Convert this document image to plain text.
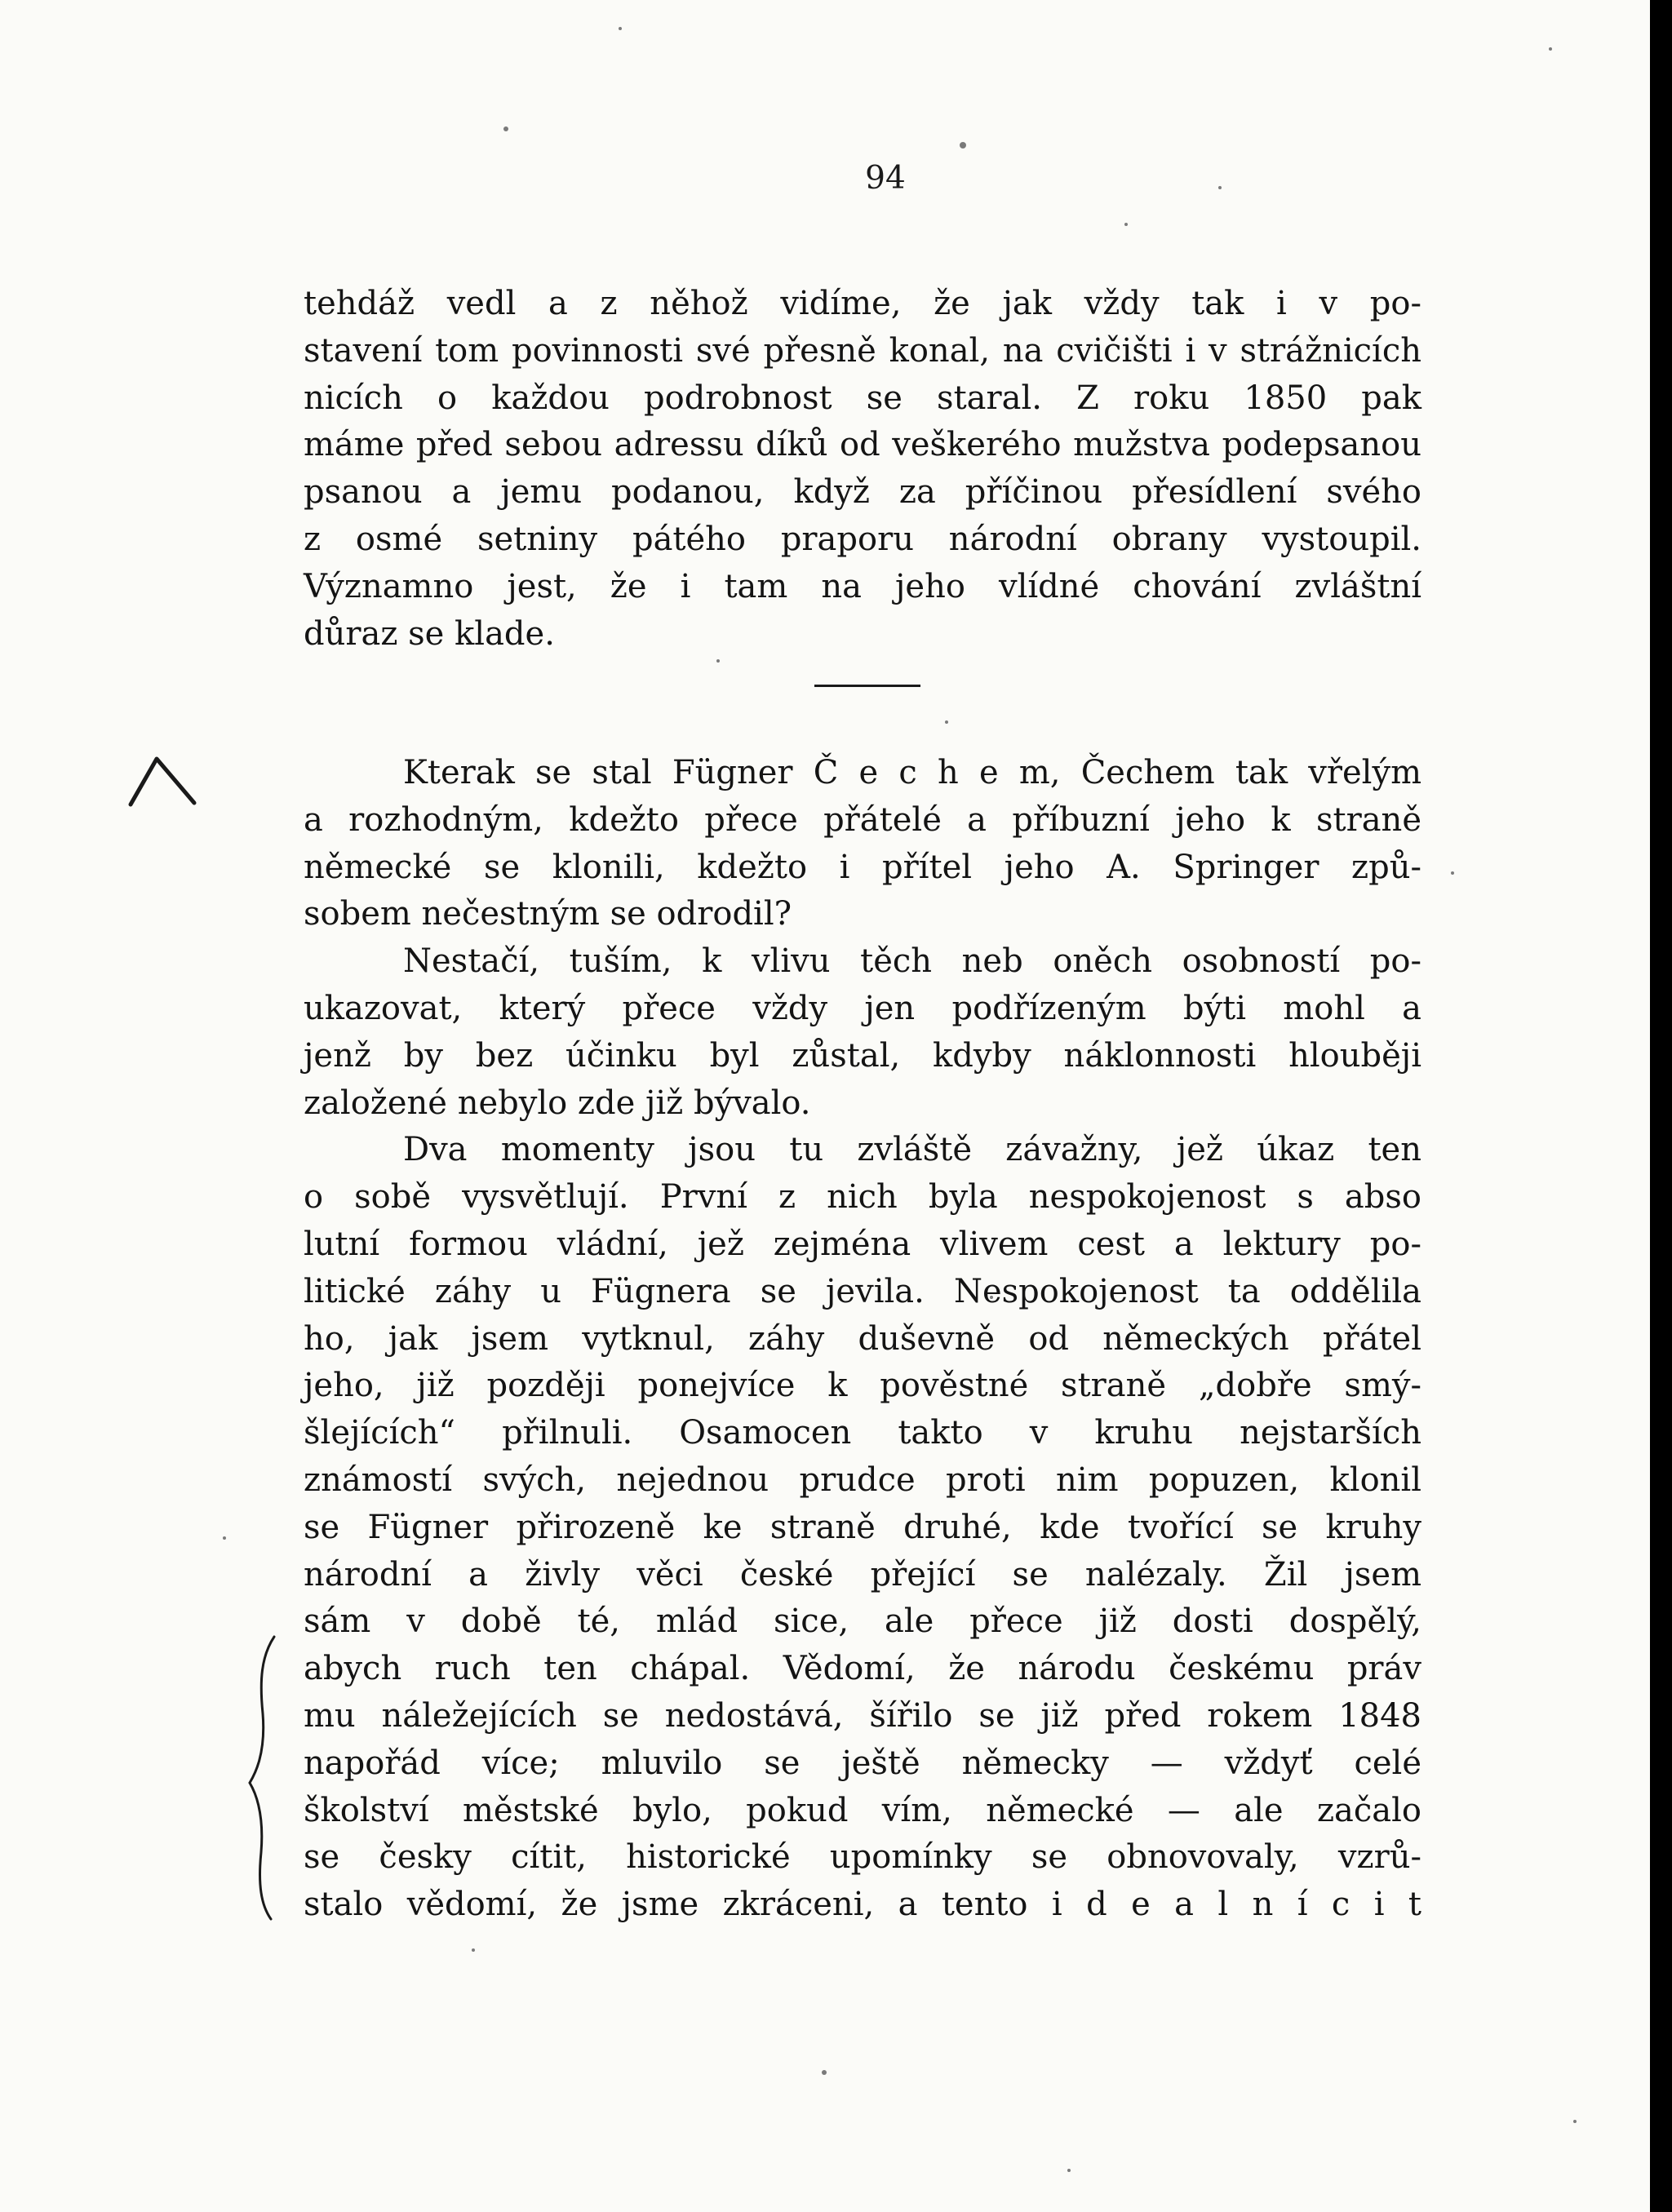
94
tehdáž vedl a z něhož vidíme, že jak vždy tak i v po-
stavení tom povinnosti své přesně konal, na cvičišti i v strážnicích
nicích o každou podrobnost se staral. Z roku 1850 pak
máme před sebou adressu díků od veškerého mužstva podepsanou
psanou a jemu podanou, když za příčinou přesídlení svého
z osmé setniny pátého praporu národní obrany vystoupil.
Významno jest, že i tam na jeho vlídné chování zvláštní
důraz se klade.
Kterak se stal Fügner Č e c h e m, Čechem tak vřelým
a rozhodným, kdežto přece přátelé a příbuzní jeho k straně
německé se klonili, kdežto i přítel jeho A. Springer způ-
sobem nečestným se odrodil?
Nestačí, tuším, k vlivu těch neb oněch osobností po-
ukazovat, který přece vždy jen podřízeným býti mohl a
jenž by bez účinku byl zůstal, kdyby náklonnosti hlouběji
založené nebylo zde již bývalo.
Dva momenty jsou tu zvláště závažny, jež úkaz ten
o sobě vysvětlují. První z nich byla nespokojenost s abso
lutní formou vládní, jež zejména vlivem cest a lektury po-
litické záhy u Fügnera se jevila. Nespokojenost ta oddělila
ho, jak jsem vytknul, záhy duševně od německých přátel
jeho, již později ponejvíce k pověstné straně „dobře smý-
šlejících“ přilnuli. Osamocen takto v kruhu nejstarších
známostí svých, nejednou prudce proti nim popuzen, klonil
se Fügner přirozeně ke straně druhé, kde tvořící se kruhy
národní a živly věci české přející se nalézaly. Žil jsem
sám v době té, mlád sice, ale přece již dosti dospělý,
abych ruch ten chápal. Vědomí, že národu českému práv
mu náležejících se nedostává, šířilo se již před rokem 1848
napořád více; mluvilo se ještě německy — vždyť celé
školství městské bylo, pokud vím, německé — ale začalo
se česky cítit, historické upomínky se obnovovaly, vzrů-
stalo vědomí, že jsme zkráceni, a tento i d e a l n í c i t
